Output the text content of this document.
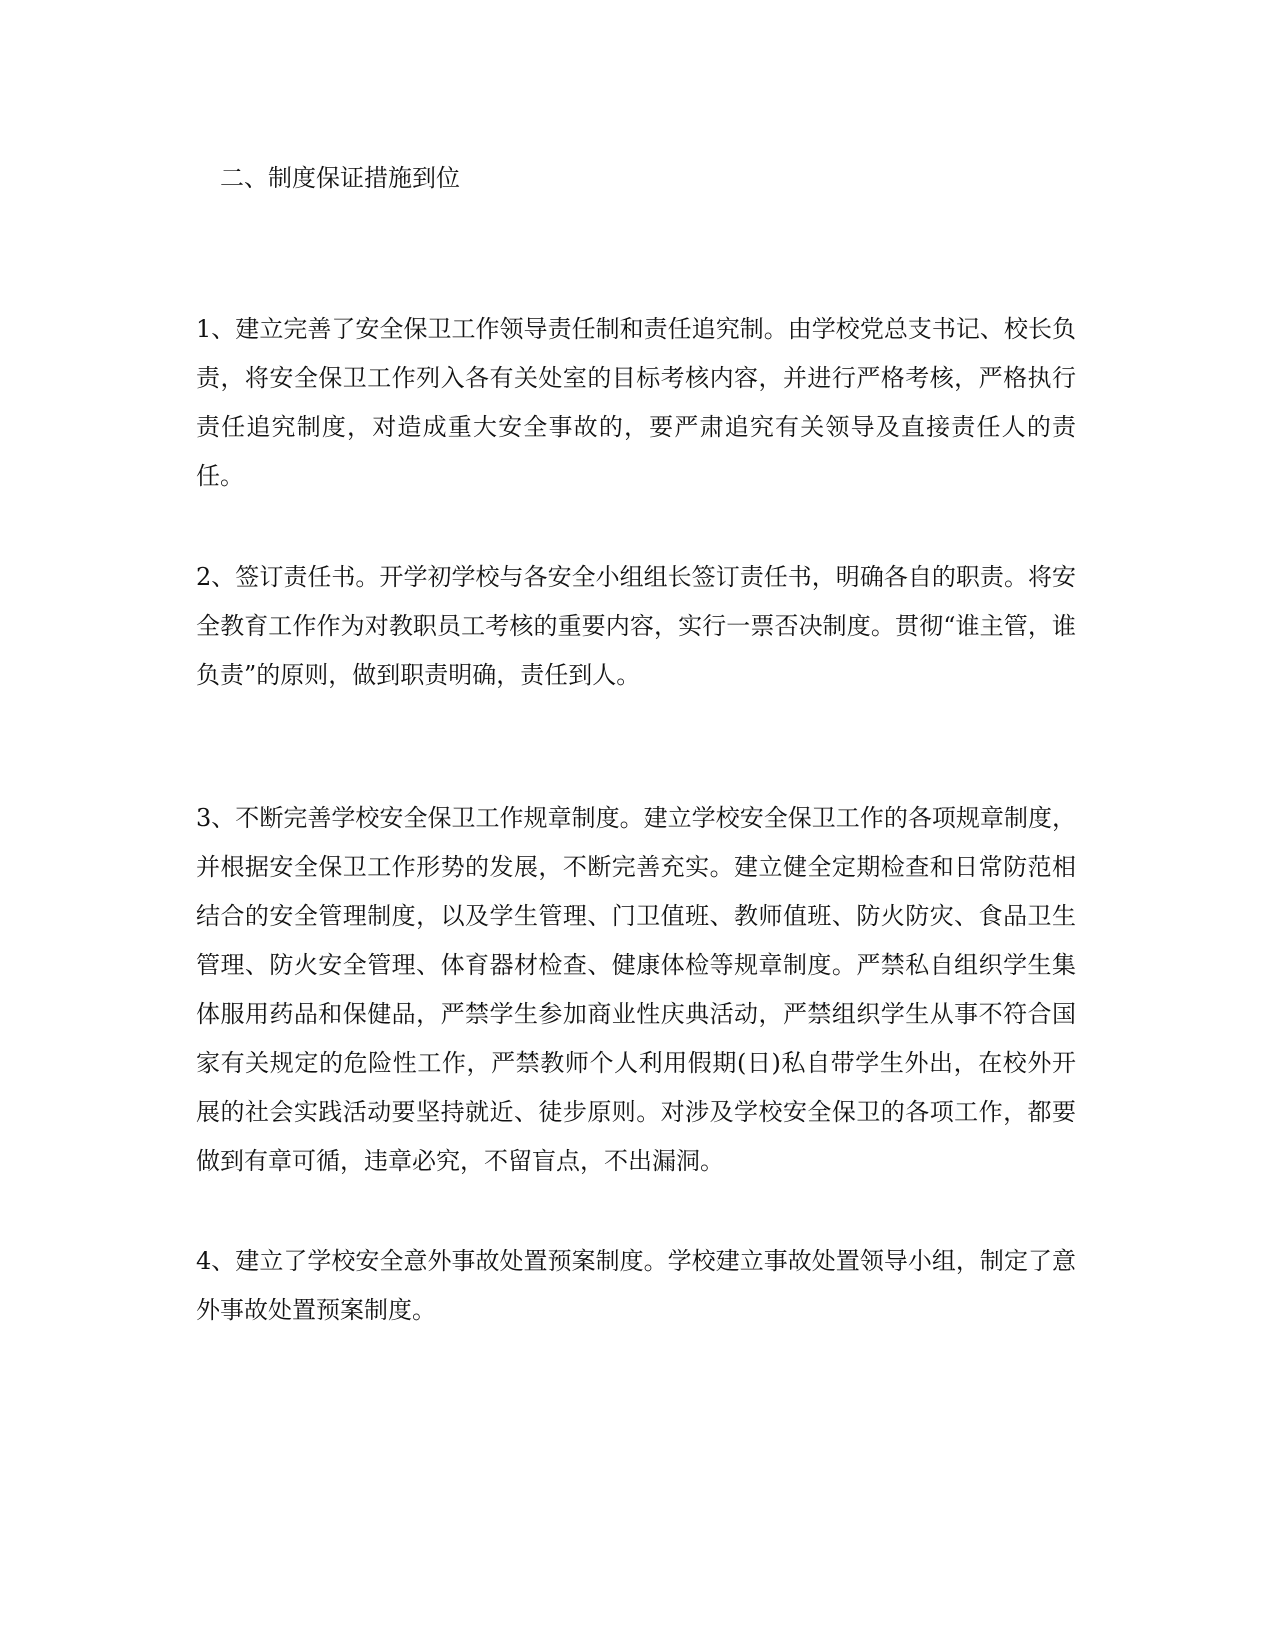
二、制度保证措施到位

1、建立完善了安全保卫工作领导责任制和责任追究制。由学校党总支书记、校长负责，将安全保卫工作列入各有关处室的目标考核内容，并进行严格考核，严格执行责任追究制度，对造成重大安全事故的，要严肃追究有关领导及直接责任人的责任。

2、签订责任书。开学初学校与各安全小组组长签订责任书，明确各自的职责。将安全教育工作作为对教职员工考核的重要内容，实行一票否决制度。贯彻“谁主管，谁负责”的原则，做到职责明确，责任到人。

3、不断完善学校安全保卫工作规章制度。建立学校安全保卫工作的各项规章制度，并根据安全保卫工作形势的发展，不断完善充实。建立健全定期检查和日常防范相结合的安全管理制度，以及学生管理、门卫值班、教师值班、防火防灾、食品卫生管理、防火安全管理、体育器材检查、健康体检等规章制度。严禁私自组织学生集体服用药品和保健品，严禁学生参加商业性庆典活动，严禁组织学生从事不符合国家有关规定的危险性工作，严禁教师个人利用假期(日)私自带学生外出，在校外开展的社会实践活动要坚持就近、徒步原则。对涉及学校安全保卫的各项工作，都要做到有章可循，违章必究，不留盲点，不出漏洞。

4、建立了学校安全意外事故处置预案制度。学校建立事故处置领导小组，制定了意外事故处置预案制度。
